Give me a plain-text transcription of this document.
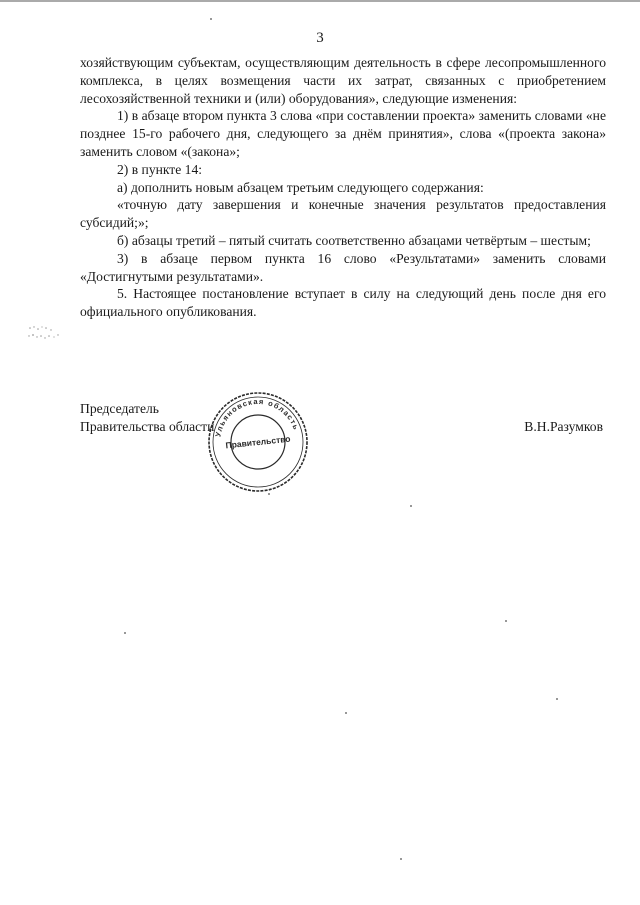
3

хозяйствующим субъектам, осуществляющим деятельность в сфере лесопромышленного комплекса, в целях возмещения части их затрат, связанных с приобретением лесохозяйственной техники и (или) оборудования», следующие изменения:

1) в абзаце втором пункта 3 слова «при составлении проекта» заменить словами «не позднее 15-го рабочего дня, следующего за днём принятия», слова «(проекта закона» заменить словом «(закона»;

2) в пункте 14:

а) дополнить новым абзацем третьим следующего содержания:

«точную дату завершения и конечные значения результатов предоставления субсидий;»;

б) абзацы третий – пятый считать соответственно абзацами четвёртым – шестым;

3) в абзаце первом пункта 16 слово «Результатами» заменить словами «Достигнутыми результатами».

5. Настоящее постановление вступает в силу на следующий день после дня его официального опубликования.

Председатель
Правительства области	В.Н.Разумков
Ульяновская область
Правительство
